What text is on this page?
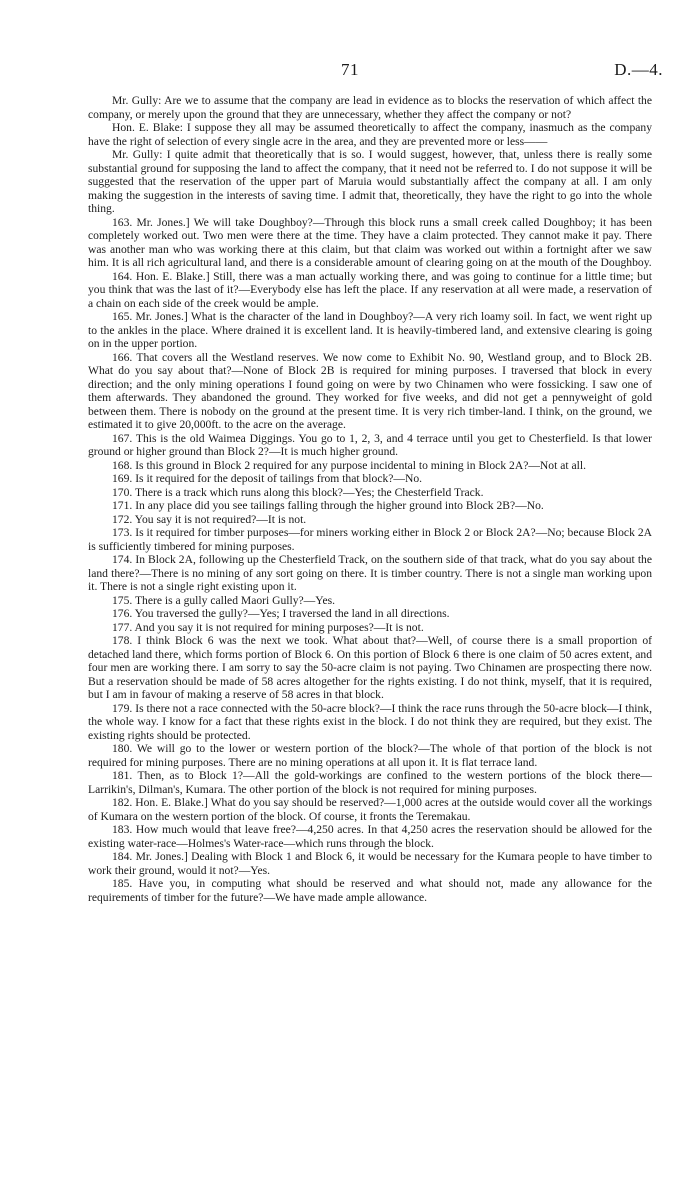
71	D.—4.

Mr. Gully: Are we to assume that the company are lead in evidence as to blocks the reservation of which affect the company, or merely upon the ground that they are unnecessary, whether they affect the company or not?

Hon. E. Blake: I suppose they all may be assumed theoretically to affect the company, inasmuch as the company have the right of selection of every single acre in the area, and they are prevented more or less——

Mr. Gully: I quite admit that theoretically that is so. I would suggest, however, that, unless there is really some substantial ground for supposing the land to affect the company, that it need not be referred to. I do not suppose it will be suggested that the reservation of the upper part of Maruia would substantially affect the company at all. I am only making the suggestion in the interests of saving time. I admit that, theoretically, they have the right to go into the whole thing.

163. Mr. Jones.] We will take Doughboy?—Through this block runs a small creek called Doughboy; it has been completely worked out. Two men were there at the time. They have a claim protected. They cannot make it pay. There was another man who was working there at this claim, but that claim was worked out within a fortnight after we saw him. It is all rich agricultural land, and there is a considerable amount of clearing going on at the mouth of the Doughboy.

164. Hon. E. Blake.] Still, there was a man actually working there, and was going to continue for a little time; but you think that was the last of it?—Everybody else has left the place. If any reservation at all were made, a reservation of a chain on each side of the creek would be ample.

165. Mr. Jones.] What is the character of the land in Doughboy?—A very rich loamy soil. In fact, we went right up to the ankles in the place. Where drained it is excellent land. It is heavily-timbered land, and extensive clearing is going on in the upper portion.

166. That covers all the Westland reserves. We now come to Exhibit No. 90, Westland group, and to Block 2B. What do you say about that?—None of Block 2B is required for mining purposes. I traversed that block in every direction; and the only mining operations I found going on were by two Chinamen who were fossicking. I saw one of them afterwards. They abandoned the ground. They worked for five weeks, and did not get a pennyweight of gold between them. There is nobody on the ground at the present time. It is very rich timber-land. I think, on the ground, we estimated it to give 20,000ft. to the acre on the average.

167. This is the old Waimea Diggings. You go to 1, 2, 3, and 4 terrace until you get to Chesterfield. Is that lower ground or higher ground than Block 2?—It is much higher ground.

168. Is this ground in Block 2 required for any purpose incidental to mining in Block 2A?—Not at all.

169. Is it required for the deposit of tailings from that block?—No.

170. There is a track which runs along this block?—Yes; the Chesterfield Track.

171. In any place did you see tailings falling through the higher ground into Block 2B?—No.

172. You say it is not required?—It is not.

173. Is it required for timber purposes—for miners working either in Block 2 or Block 2A?—No; because Block 2A is sufficiently timbered for mining purposes.

174. In Block 2A, following up the Chesterfield Track, on the southern side of that track, what do you say about the land there?—There is no mining of any sort going on there. It is timber country. There is not a single man working upon it. There is not a single right existing upon it.

175. There is a gully called Maori Gully?—Yes.

176. You traversed the gully?—Yes; I traversed the land in all directions.

177. And you say it is not required for mining purposes?—It is not.

178. I think Block 6 was the next we took. What about that?—Well, of course there is a small proportion of detached land there, which forms portion of Block 6. On this portion of Block 6 there is one claim of 50 acres extent, and four men are working there. I am sorry to say the 50-acre claim is not paying. Two Chinamen are prospecting there now. But a reservation should be made of 58 acres altogether for the rights existing. I do not think, myself, that it is required, but I am in favour of making a reserve of 58 acres in that block.

179. Is there not a race connected with the 50-acre block?—I think the race runs through the 50-acre block—I think, the whole way. I know for a fact that these rights exist in the block. I do not think they are required, but they exist. The existing rights should be protected.

180. We will go to the lower or western portion of the block?—The whole of that portion of the block is not required for mining purposes. There are no mining operations at all upon it. It is flat terrace land.

181. Then, as to Block 1?—All the gold-workings are confined to the western portions of the block there—Larrikin's, Dilman's, Kumara. The other portion of the block is not required for mining purposes.

182. Hon. E. Blake.] What do you say should be reserved?—1,000 acres at the outside would cover all the workings of Kumara on the western portion of the block. Of course, it fronts the Teremakau.

183. How much would that leave free?—4,250 acres. In that 4,250 acres the reservation should be allowed for the existing water-race—Holmes's Water-race—which runs through the block.

184. Mr. Jones.] Dealing with Block 1 and Block 6, it would be necessary for the Kumara people to have timber to work their ground, would it not?—Yes.

185. Have you, in computing what should be reserved and what should not, made any allowance for the requirements of timber for the future?—We have made ample allowance.
